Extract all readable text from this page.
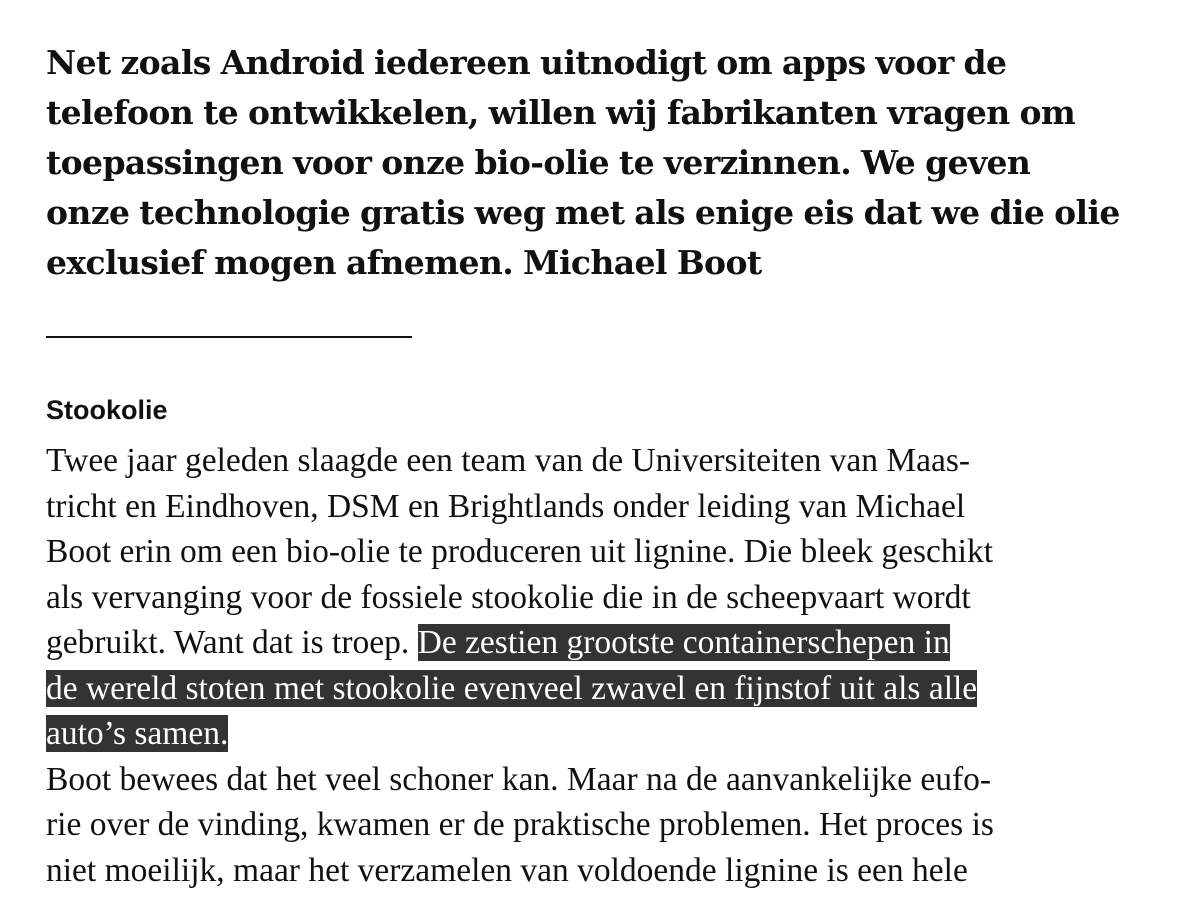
Net zoals Android iedereen uitnodigt om apps voor de
telefoon te ontwikkelen, willen wij fabrikanten vragen om
toepassingen voor onze bio-olie te verzinnen. We geven
onze technologie gratis weg met als enige eis dat we die olie
exclusief mogen afnemen. Michael Boot
Stookolie
Twee jaar geleden slaagde een team van de Universiteiten van Maas-
tricht en Eindhoven, DSM en Brightlands onder leiding van Michael
Boot erin om een bio-olie te produceren uit lignine. Die bleek geschikt
als vervanging voor de fossiele stookolie die in de scheepvaart wordt
gebruikt. Want dat is troep. De zestien grootste containerschepen in
de wereld stoten met stookolie evenveel zwavel en fijnstof uit als alle
auto’s samen.
Boot bewees dat het veel schoner kan. Maar na de aanvankelijke eufo-
rie over de vinding, kwamen er de praktische problemen. Het proces is
niet moeilijk, maar het verzamelen van voldoende lignine is een hele
